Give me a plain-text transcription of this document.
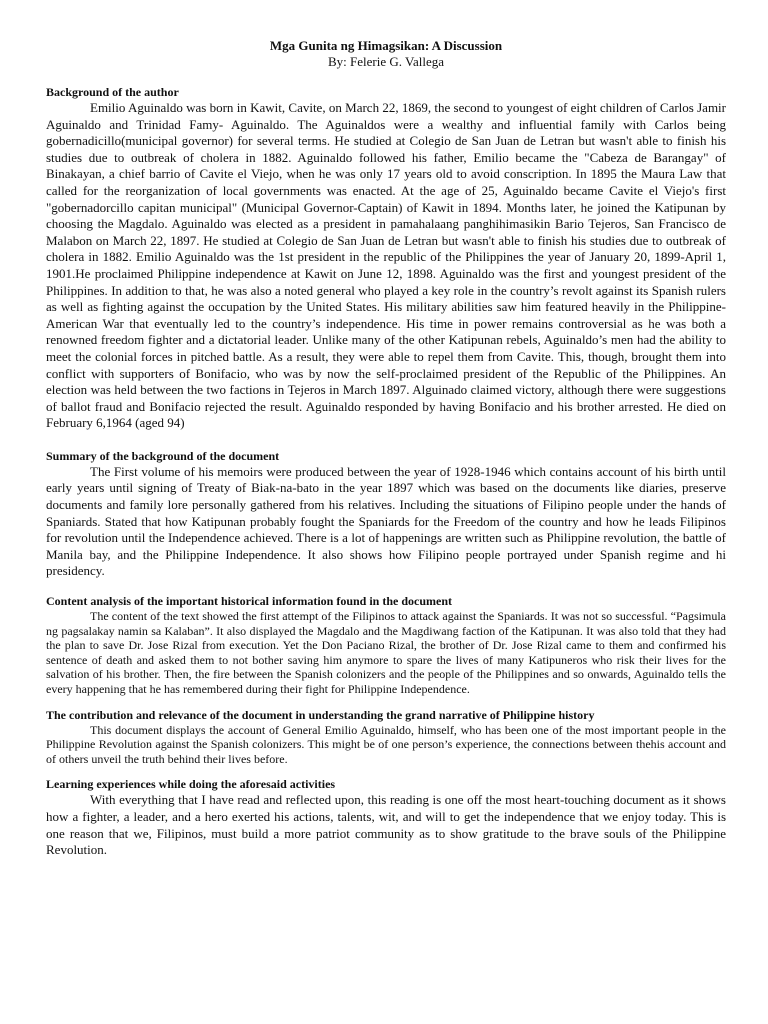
Mga Gunita ng Himagsikan: A Discussion

By: Felerie G. Vallega

Background of the author

Emilio Aguinaldo was born in Kawit, Cavite, on March 22, 1869, the second to youngest of eight children of Carlos Jamir Aguinaldo and Trinidad Famy- Aguinaldo. The Aguinaldos were a wealthy and influential family with Carlos being gobernadicillo(municipal governor) for several terms. He studied at Colegio de San Juan de Letran but wasn't able to finish his studies due to outbreak of cholera in 1882. Aguinaldo followed his father, Emilio became the "Cabeza de Barangay" of Binakayan, a chief barrio of Cavite el Viejo, when he was only 17 years old to avoid conscription. In 1895 the Maura Law that called for the reorganization of local governments was enacted. At the age of 25, Aguinaldo became Cavite el Viejo's first "gobernadorcillo capitan municipal" (Municipal Governor-Captain) of Kawit in 1894. Months later, he joined the Katipunan by choosing the Magdalo. Aguinaldo was elected as a president in pamahalaang panghihimasikin Bario Tejeros, San Francisco de Malabon on March 22, 1897. He studied at Colegio de San Juan de Letran but wasn't able to finish his studies due to outbreak of cholera in 1882. Emilio Aguinaldo was the 1st president in the republic of the Philippines the year of January 20, 1899-April 1, 1901.He proclaimed Philippine independence at Kawit on June 12, 1898. Aguinaldo was the first and youngest president of the Philippines. In addition to that, he was also a noted general who played a key role in the country’s revolt against its Spanish rulers as well as fighting against the occupation by the United States. His military abilities saw him featured heavily in the Philippine-American War that eventually led to the country’s independence. His time in power remains controversial as he was both a renowned freedom fighter and a dictatorial leader. Unlike many of the other Katipunan rebels, Aguinaldo’s men had the ability to meet the colonial forces in pitched battle. As a result, they were able to repel them from Cavite. This, though, brought them into conflict with supporters of Bonifacio, who was by now the self-proclaimed president of the Republic of the Philippines. An election was held between the two factions in Tejeros in March 1897. Alguinado claimed victory, although there were suggestions of ballot fraud and Bonifacio rejected the result. Aguinaldo responded by having Bonifacio and his brother arrested. He died on February 6,1964 (aged 94)

Summary of the background of the document

The First volume of his memoirs were produced between the year of 1928-1946 which contains account of his birth until early years until signing of Treaty of Biak-na-bato in the year 1897 which was based on the documents like diaries, preserve documents and family lore personally gathered from his relatives. Including the situations of Filipino people under the hands of Spaniards. Stated that how Katipunan probably fought the Spaniards for the Freedom of the country and how he leads Filipinos for revolution until the Independence achieved. There is a lot of happenings are written such as Philippine revolution, the battle of Manila bay, and the Philippine Independence. It also shows how Filipino people portrayed under Spanish regime and hi presidency.

Content analysis of the important historical information found in the document

The content of the text showed the first attempt of the Filipinos to attack against the Spaniards. It was not so successful. “Pagsimula ng pagsalakay namin sa Kalaban”. It also displayed the Magdalo and the Magdiwang faction of the Katipunan. It was also told that they had the plan to save Dr. Jose Rizal from execution. Yet the Don Paciano Rizal, the brother of Dr. Jose Rizal came to them and confirmed his sentence of death and asked them to not bother saving him anymore to spare the lives of many Katipuneros who risk their lives for the salvation of his brother. Then, the fire between the Spanish colonizers and the people of the Philippines and so onwards, Aguinaldo tells the every happening that he has remembered during their fight for Philippine Independence.

The contribution and relevance of the document in understanding the grand narrative of Philippine history

This document displays the account of General Emilio Aguinaldo, himself, who has been one of the most important people in the Philippine Revolution against the Spanish colonizers. This might be of one person’s experience, the connections between thehis account and of others unveil the truth behind their lives before.

Learning experiences while doing the aforesaid activities

With everything that I have read and reflected upon, this reading is one off the most heart-touching document as it shows how a fighter, a leader, and a hero exerted his actions, talents, wit, and will to get the independence that we enjoy today. This is one reason that we, Filipinos, must build a more patriot community as to show gratitude to the brave souls of the Philippine Revolution.
